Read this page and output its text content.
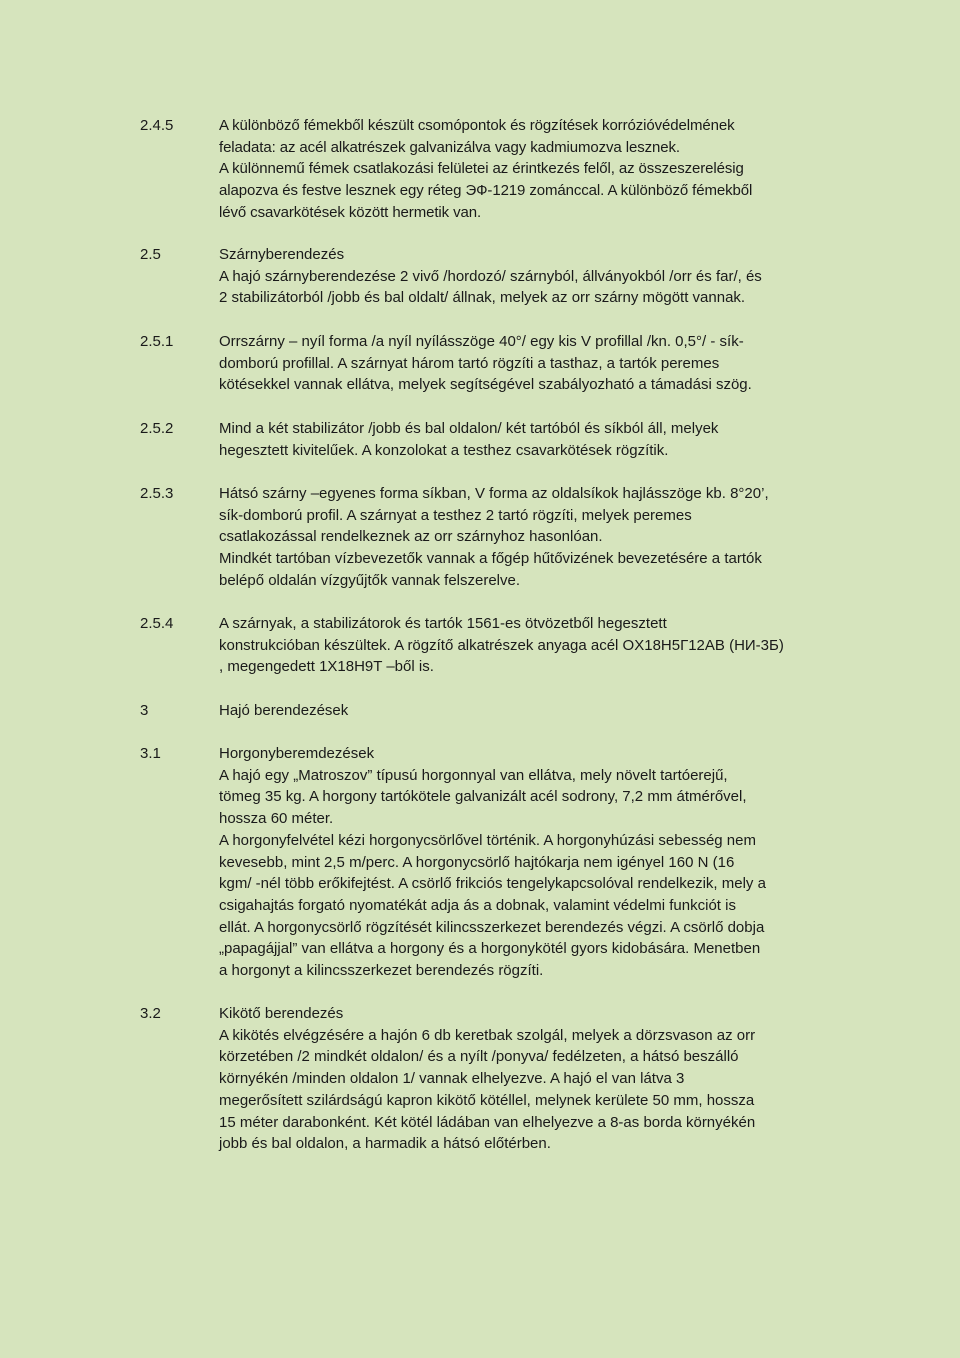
2.4.5	A különböző fémekből készült csomópontok és rögzítések korrózióvédelmének
feladata: az acél alkatrészek galvanizálva vagy kadmiumozva lesznek.
A különnemű fémek csatlakozási felületei az érintkezés felől, az összeszerelésig
alapozva és festve lesznek egy réteg ЭФ-1219 zománccal. A különböző fémekből
lévő csavarkötések között hermetik van.
2.5	Szárnyberendezés
A hajó szárnyberendezése 2 vivő /hordozó/ szárnyból, állványokból /orr és far/, és
2 stabilizátorból /jobb és bal oldalt/ állnak, melyek az orr szárny mögött vannak.
2.5.1	Orrszárny – nyíl forma /a nyíl nyílásszöge 40°/ egy kis V profillal /kn. 0,5°/ - sík-
domború profillal. A szárnyat három tartó rögzíti a tasthaz, a tartók peremes
kötésekkel vannak ellátva, melyek segítségével szabályozható a támadási szög.
2.5.2	Mind a két stabilizátor /jobb és bal oldalon/ két tartóból és síkból áll, melyek
hegesztett kivitelűek. A konzolokat a testhez csavarkötések rögzítik.
2.5.3	Hátsó szárny –egyenes forma síkban, V forma az oldalsíkok hajlásszöge kb. 8°20’,
sík-domború profil. A szárnyat a testhez 2 tartó rögzíti, melyek peremes
csatlakozással rendelkeznek az orr szárnyhoz hasonlóan.
Mindkét tartóban vízbevezetők vannak a főgép hűtővizének bevezetésére a tartók
belépő oldalán vízgyűjtők vannak felszerelve.
2.5.4	A szárnyak, a stabilizátorok és tartók 1561-es ötvözetből hegesztett
konstrukcióban készültek. A rögzítő alkatrészek anyaga acél OX18H5Г12AB (HИ-3Б)
, megengedett 1X18H9T –ből is.
3	Hajó berendezések
3.1	Horgonyberemdezések
A hajó egy „Matroszov” típusú horgonnyal van ellátva, mely növelt tartóerejű,
tömeg 35 kg. A horgony tartókötele galvanizált acél sodrony, 7,2 mm átmérővel,
hossza 60 méter.
A horgonyfelvétel kézi horgonycsörlővel történik. A horgonyhúzási sebesség nem
kevesebb, mint 2,5 m/perc. A horgonycsörlő hajtókarja nem igényel 160 N (16
kgm/ -nél több erőkifejtést. A csörlő frikciós tengelykapcsolóval rendelkezik, mely a
csigahajtás forgató nyomatékát adja ás a dobnak, valamint védelmi funkciót is
ellát. A horgonycsörlő rögzítését kilincsszerkezet berendezés végzi. A csörlő dobja
„papagájjal” van ellátva a horgony és a horgonykötél gyors kidobására. Menetben
a horgonyt a kilincsszerkezet berendezés rögzíti.
3.2	Kikötő berendezés
A kikötés elvégzésére a hajón 6 db keretbak szolgál, melyek a dörzsvason az orr
körzetében /2 mindkét oldalon/ és a nyílt /ponyva/ fedélzeten, a hátsó beszálló
környékén /minden oldalon 1/ vannak elhelyezve. A hajó el van látva 3
megerősített szilárdságú kapron kikötő kötéllel, melynek kerülete 50 mm, hossza
15 méter darabonként. Két kötél ládában van elhelyezve a 8-as borda környékén
jobb és bal oldalon, a harmadik a hátsó előtérben.
